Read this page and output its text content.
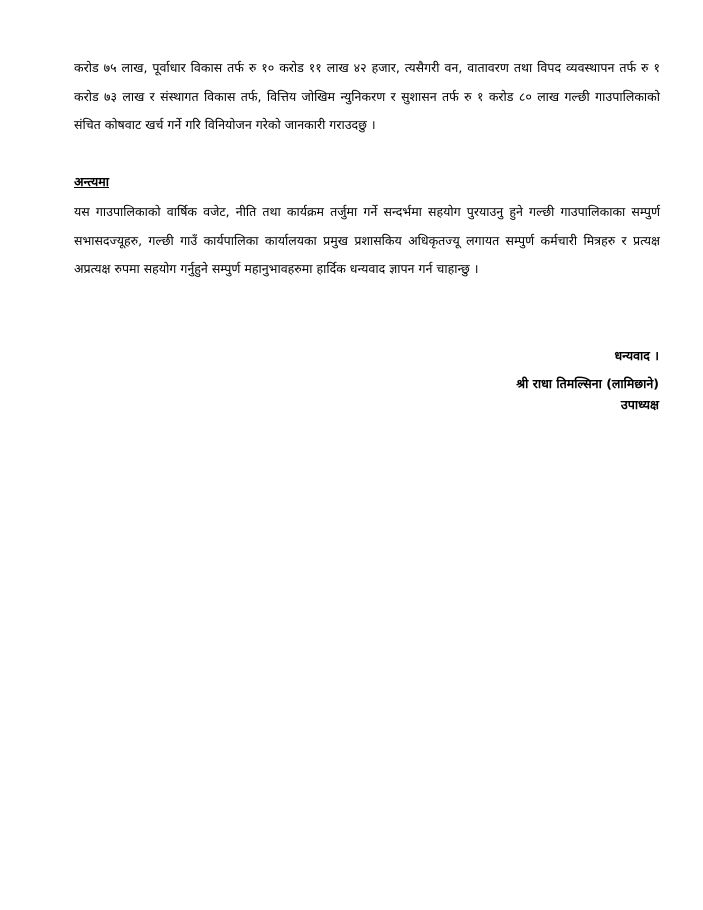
करोड ७५ लाख, पूर्वाधार विकास तर्फ रु १० करोड ११ लाख ४२ हजार, त्यसैगरी वन, वातावरण तथा विपद व्यवस्थापन तर्फ रु १ करोड ७३ लाख र संस्थागत विकास तर्फ, वित्तिय जोखिम न्युनिकरण र सुशासन तर्फ रु १ करोड ८० लाख गल्छी गाउपालिकाको संचित कोषवाट खर्च गर्ने गरि विनियोजन गरेको जानकारी गराउदछु ।

अन्त्यमा

यस गाउपालिकाको वार्षिक वजेट, नीति तथा कार्यक्रम तर्जुमा गर्ने सन्दर्भमा सहयोग पुरयाउनु हुने गल्छी गाउपालिकाका सम्पुर्ण सभासदज्यूहरु, गल्छी गाउँ कार्यपालिका कार्यालयका प्रमुख प्रशासकिय अधिकृतज्यू लगायत सम्पुर्ण कर्मचारी मित्रहरु र प्रत्यक्ष अप्रत्यक्ष रुपमा सहयोग गर्नुहुने सम्पुर्ण महानुभावहरुमा हार्दिक धन्यवाद ज्ञापन गर्न चाहान्छु ।

धन्यवाद ।

श्री राधा तिमल्सिना (लामिछाने)

उपाध्यक्ष
